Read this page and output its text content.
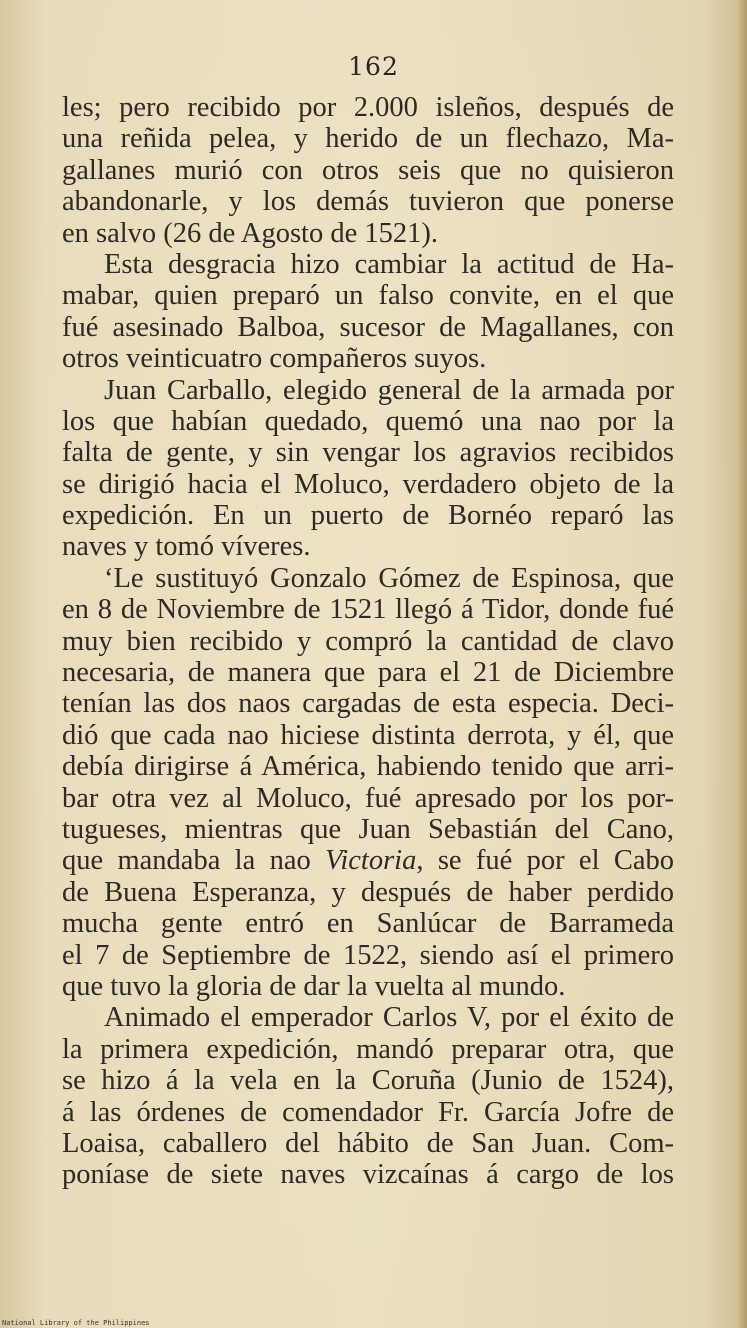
162
les; pero recibido por 2.000 isleños, después de
una reñida pelea, y herido de un flechazo, Ma-
gallanes murió con otros seis que no quisieron
abandonarle, y los demás tuvieron que ponerse
en salvo (26 de Agosto de 1521).
Esta desgracia hizo cambiar la actitud de Ha-
mabar, quien preparó un falso convite, en el que
fué asesinado Balboa, sucesor de Magallanes, con
otros veinticuatro compañeros suyos.
Juan Carballo, elegido general de la armada por
los que habían quedado, quemó una nao por la
falta de gente, y sin vengar los agravios recibidos
se dirigió hacia el Moluco, verdadero objeto de la
expedición. En un puerto de Bornéo reparó las
naves y tomó víveres.
‘Le sustituyó Gonzalo Gómez de Espinosa, que
en 8 de Noviembre de 1521 llegó á Tidor, donde fué
muy bien recibido y compró la cantidad de clavo
necesaria, de manera que para el 21 de Diciembre
tenían las dos naos cargadas de esta especia. Deci-
dió que cada nao hiciese distinta derrota, y él, que
debía dirigirse á América, habiendo tenido que arri-
bar otra vez al Moluco, fué apresado por los por-
tugueses, mientras que Juan Sebastián del Cano,
que mandaba la nao Victoria, se fué por el Cabo
de Buena Esperanza, y después de haber perdido
mucha gente entró en Sanlúcar de Barrameda
el 7 de Septiembre de 1522, siendo así el primero
que tuvo la gloria de dar la vuelta al mundo.
Animado el emperador Carlos V, por el éxito de
la primera expedición, mandó preparar otra, que
se hizo á la vela en la Coruña (Junio de 1524),
á las órdenes de comendador Fr. García Jofre de
Loaisa, caballero del hábito de San Juan. Com-
poníase de siete naves vizcaínas á cargo de los
National Library of the Philippines
